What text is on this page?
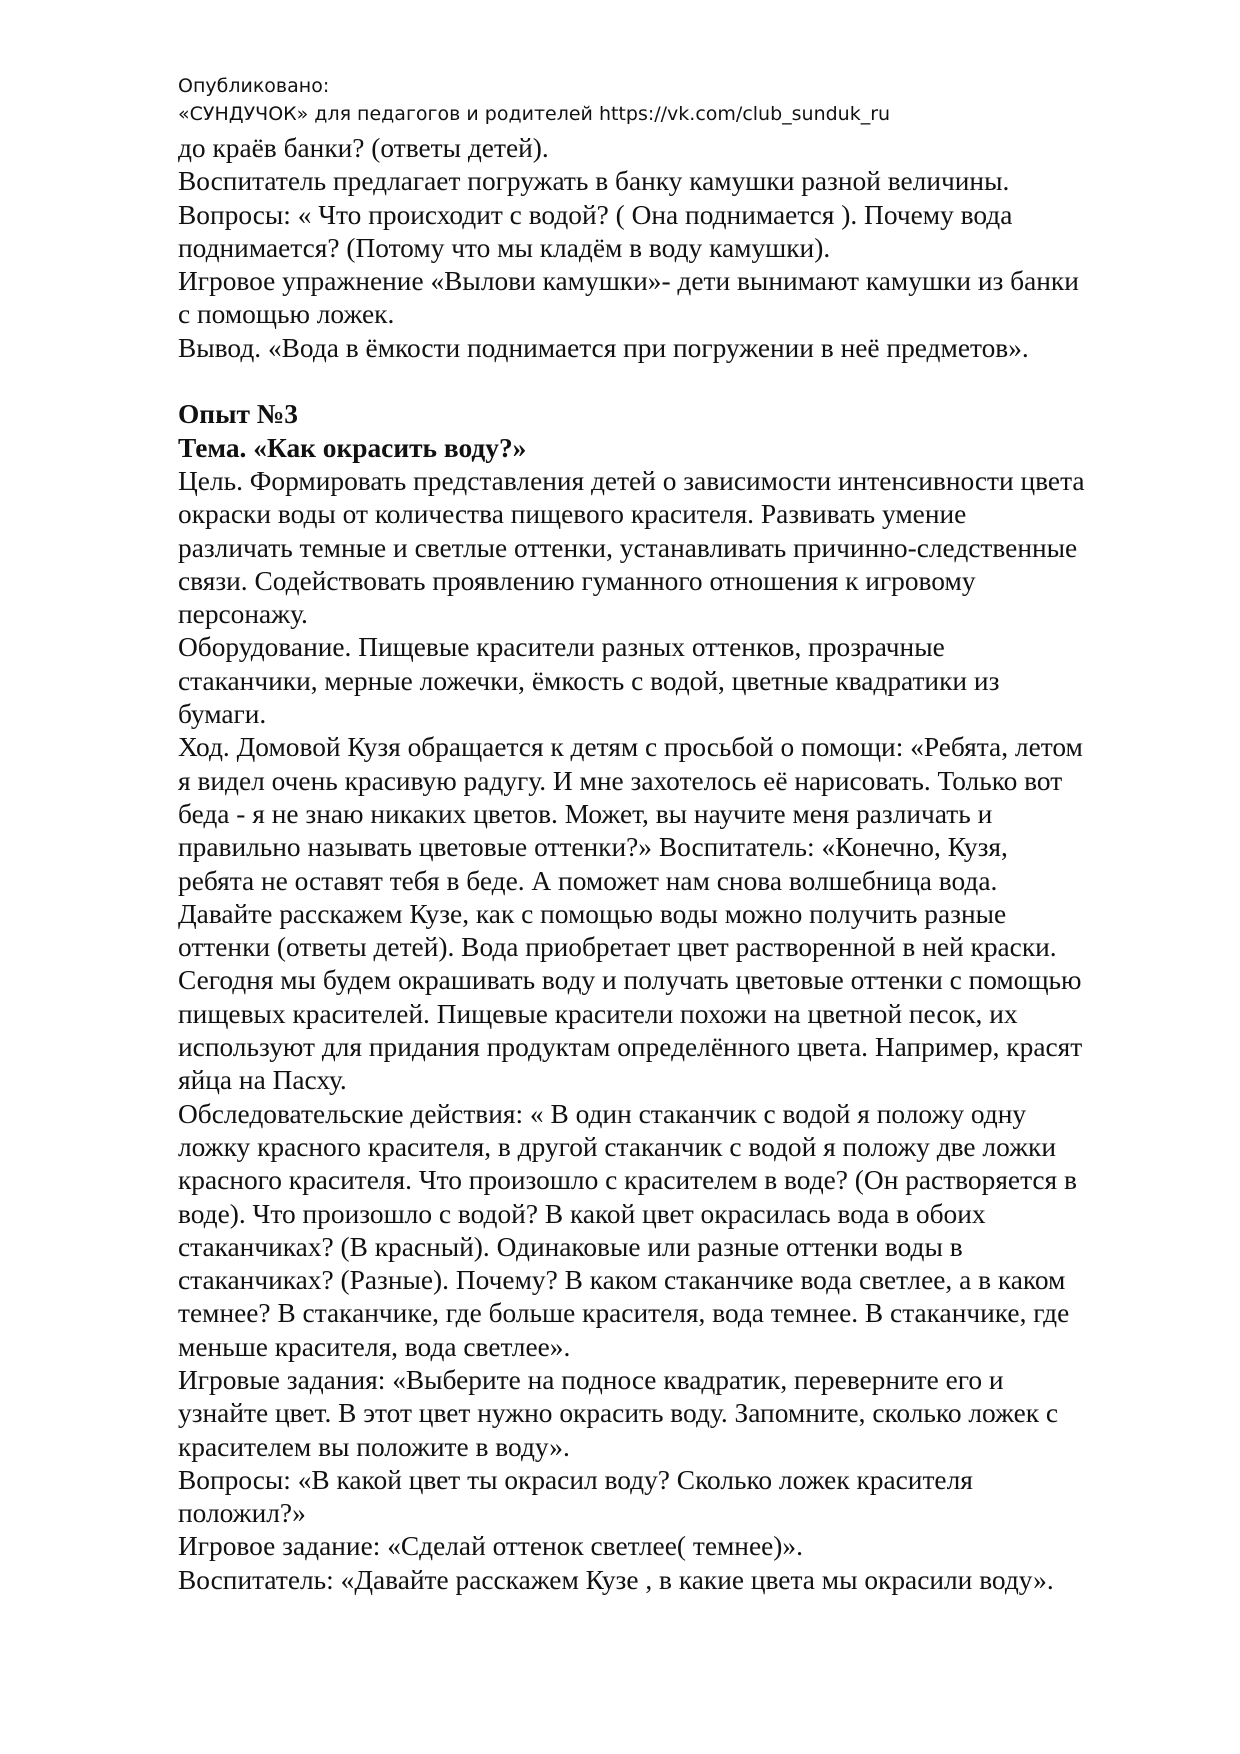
Опубликовано:
«СУНДУЧОК» для педагогов и родителей https://vk.com/club_sunduk_ru
до краёв банки? (ответы детей).
Воспитатель предлагает погружать в банку камушки разной величины.
Вопросы: « Что происходит с водой? ( Она поднимается ). Почему вода
поднимается? (Потому что мы кладём в воду камушки).
Игровое упражнение «Вылови камушки»- дети вынимают камушки из банки
с помощью ложек.
Вывод. «Вода в ёмкости поднимается при погружении в неё предметов».
Опыт №3
Тема. «Как окрасить воду?»
Цель. Формировать представления детей о зависимости интенсивности цвета
окраски воды от количества пищевого красителя. Развивать умение
различать темные и светлые оттенки, устанавливать причинно-следственные
связи. Содействовать проявлению гуманного отношения к игровому
персонажу.
Оборудование. Пищевые красители разных оттенков, прозрачные
стаканчики, мерные ложечки, ёмкость с водой, цветные квадратики из
бумаги.
Ход. Домовой Кузя обращается к детям с просьбой о помощи: «Ребята, летом
я видел очень красивую радугу. И мне захотелось её нарисовать. Только вот
беда - я не знаю никаких цветов. Может, вы научите меня различать и
правильно называть цветовые оттенки?» Воспитатель: «Конечно, Кузя,
ребята не оставят тебя в беде. А поможет нам снова волшебница вода.
Давайте расскажем Кузе, как с помощью воды можно получить разные
оттенки (ответы детей). Вода приобретает цвет растворенной в ней краски.
Сегодня мы будем окрашивать воду и получать цветовые оттенки с помощью
пищевых красителей. Пищевые красители похожи на цветной песок, их
используют для придания продуктам определённого цвета. Например, красят
яйца на Пасху.
Обследовательские действия: « В один стаканчик с водой я положу одну
ложку красного красителя, в другой стаканчик с водой я положу две ложки
красного красителя. Что произошло с красителем в воде? (Он растворяется в
воде). Что произошло с водой? В какой цвет окрасилась вода в обоих
стаканчиках? (В красный). Одинаковые или разные оттенки воды в
стаканчиках? (Разные). Почему? В каком стаканчике вода светлее, а в каком
темнее? В стаканчике, где больше красителя, вода темнее. В стаканчике, где
меньше красителя, вода светлее».
Игровые задания: «Выберите на подносе квадратик, переверните его и
узнайте цвет. В этот цвет нужно окрасить воду. Запомните, сколько ложек с
красителем вы положите в воду».
Вопросы: «В какой цвет ты окрасил воду? Сколько ложек красителя
положил?»
Игровое задание: «Сделай оттенок светлее( темнее)».
Воспитатель: «Давайте расскажем Кузе , в какие цвета мы окрасили воду».
